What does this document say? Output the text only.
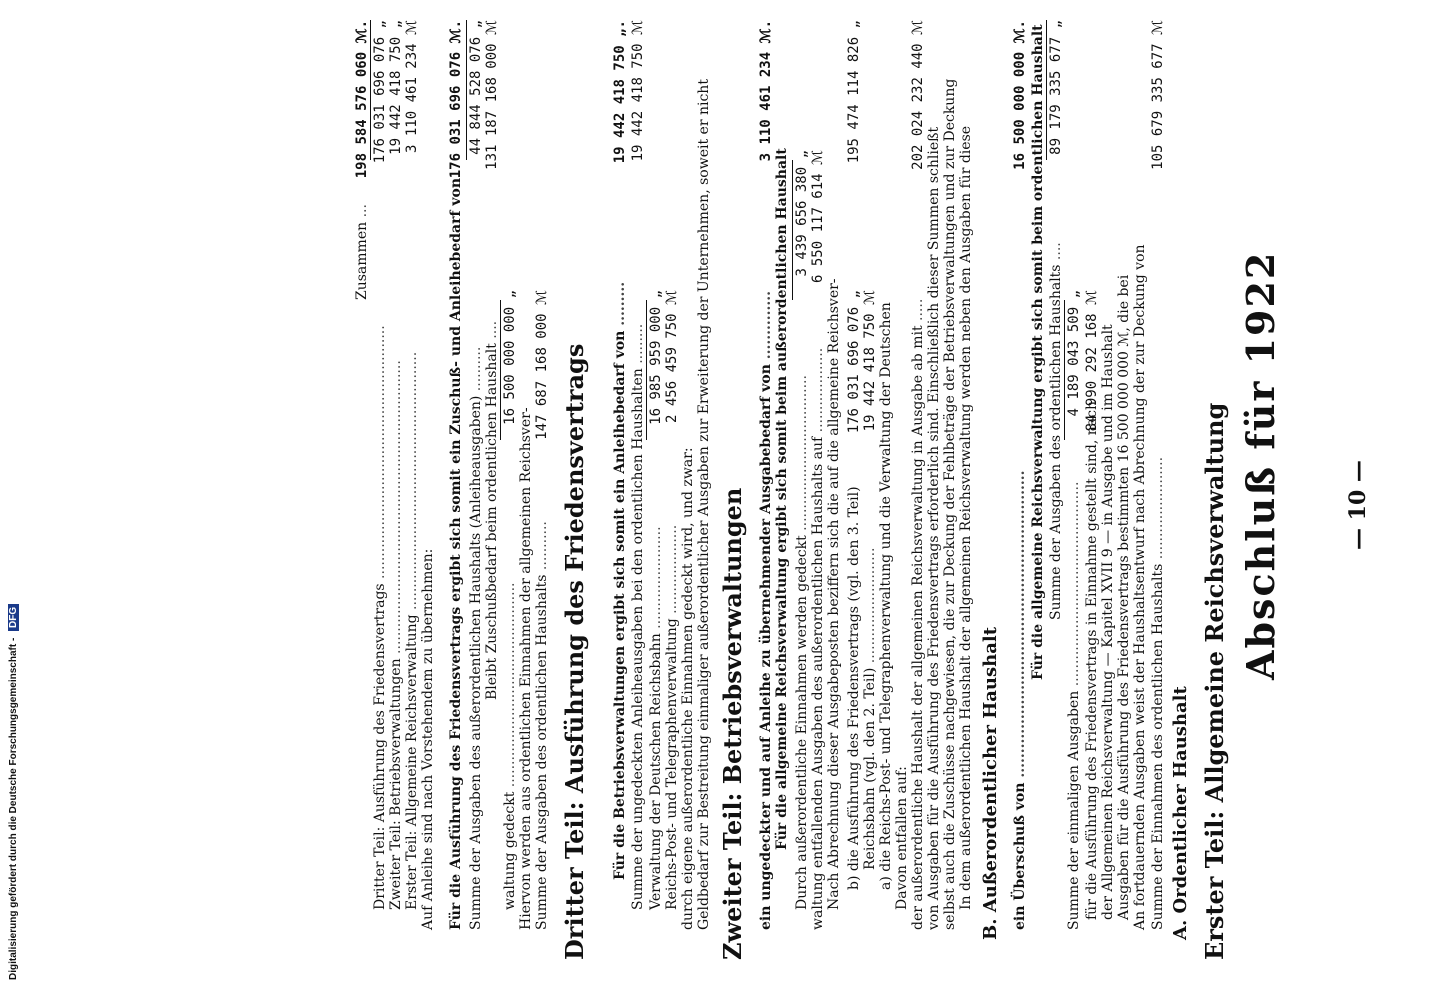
— 10 —
Abschluß für 1922
Erster Teil: Allgemeine Reichsverwaltung
A. Ordentlicher Haushalt
Summe der Einnahmen des ordentlichen Haushalts .......................
105 679 335 677 ℳ
An fortdauernden Ausgaben weist der Haushaltsentwurf nach Abrechnung der zur Deckung von
Ausgaben für die Ausführung des Friedensvertrags bestimmten 16 500 000 000 ℳ, die bei
der Allgemeinen Reichsverwaltung — Kapitel XVII 9 — in Ausgabe und im Haushalt
für die Ausführung des Friedensvertrags in Einnahme gestellt sind, nach
84 990 292 168 ℳ
Summe der einmaligen Ausgaben ..............................................
4 189 043 509 „
Summe der Ausgaben des ordentlichen Haushalts ....
89 179 335 677 „
Für die allgemeine Reichsverwaltung ergibt sich somit beim ordentlichen Haushalt
ein Überschuß von ...............................................................
16 500 000 000 ℳ.
B. Außerordentlicher Haushalt
In dem außerordentlichen Haushalt der allgemeinen Reichsverwaltung werden neben den Ausgaben für diese
selbst auch die Zuschüsse nachgewiesen, die zur Deckung der Fehlbeträge der Betriebsverwaltungen und zur Deckung
von Ausgaben für die Ausführung des Friedensvertrags erforderlich sind. Einschließlich dieser Summen schließt
der außerordentliche Haushalt der allgemeinen Reichsverwaltung in Ausgabe ab mit .....
202 024 232 440 ℳ
Davon entfallen auf:
a) die Reichs-Post- und Telegraphenverwaltung und die Verwaltung der Deutschen
Reichsbahn (vgl. den 2. Teil) ..........................
19 442 418 750 ℳ
b) die Ausführung des Friedensvertrags (vgl. den 3. Teil)
176 031 696 076 „
195 474 114 826 „
Nach Abrechnung dieser Ausgabeposten beziffern sich die auf die allgemeine Reichsver-
waltung entfallenden Ausgaben des außerordentlichen Haushalts auf ...................
6 550 117 614 ℳ
Durch außerordentliche Einnahmen werden gedeckt ...................................
3 439 656 380 „
Für die allgemeine Reichsverwaltung ergibt sich somit beim außerordentlichen Haushalt
ein ungedeckter und auf Anleihe zu übernehmender Ausgabebedarf von ..............
3 110 461 234 ℳ.
Zweiter Teil: Betriebsverwaltungen
Geldbedarf zur Bestreitung einmaliger außerordentlicher Ausgaben zur Erweiterung der Unternehmen, soweit er nicht
durch eigene außerordentliche Einnahmen gedeckt wird, und zwar:
Reichs-Post- und Telegraphenverwaltung ....................
2 456 459 750 ℳ
Verwaltung der Deutschen Reichsbahn .......................
16 985 959 000 „
Summe der ungedeckten Anleiheausgaben bei den ordentlichen Haushalten .........
19 442 418 750 ℳ
Für die Betriebsverwaltungen ergibt sich somit ein Anleihebedarf von .........
19 442 418 750 „.
Dritter Teil: Ausführung des Friedensvertrags
Summe der Ausgaben des ordentlichen Haushalts ...........
147 687 168 000 ℳ
Hiervon werden aus ordentlichen Einnahmen der allgemeinen Reichsver-
waltung gedeckt ..............................................
16 500 000 000 „
Bleibt Zuschußbedarf beim ordentlichen Haushalt ....
131 187 168 000 ℳ
Summe der Ausgaben des außerordentlichen Haushalts (Anleiheausgaben) ..........
44 844 528 076 „
Für die Ausführung des Friedensvertrags ergibt sich somit ein Zuschuß- und Anleihebedarf von
176 031 696 076 ℳ.
Auf Anleihe sind nach Vorstehendem zu übernehmen:
Erster Teil: Allgemeine Reichsverwaltung ..........................................................
3 110 461 234 ℳ
Zweiter Teil: Betriebsverwaltungen ..................................................................
19 442 418 750 „
Dritter Teil: Ausführung des Friedensvertrags .........................................................
176 031 696 076 „
Zusammen ...
198 584 576 060 ℳ.
Digitalisierung gefördert durch die Deutsche Forschungsgemeinschaft - DFG
